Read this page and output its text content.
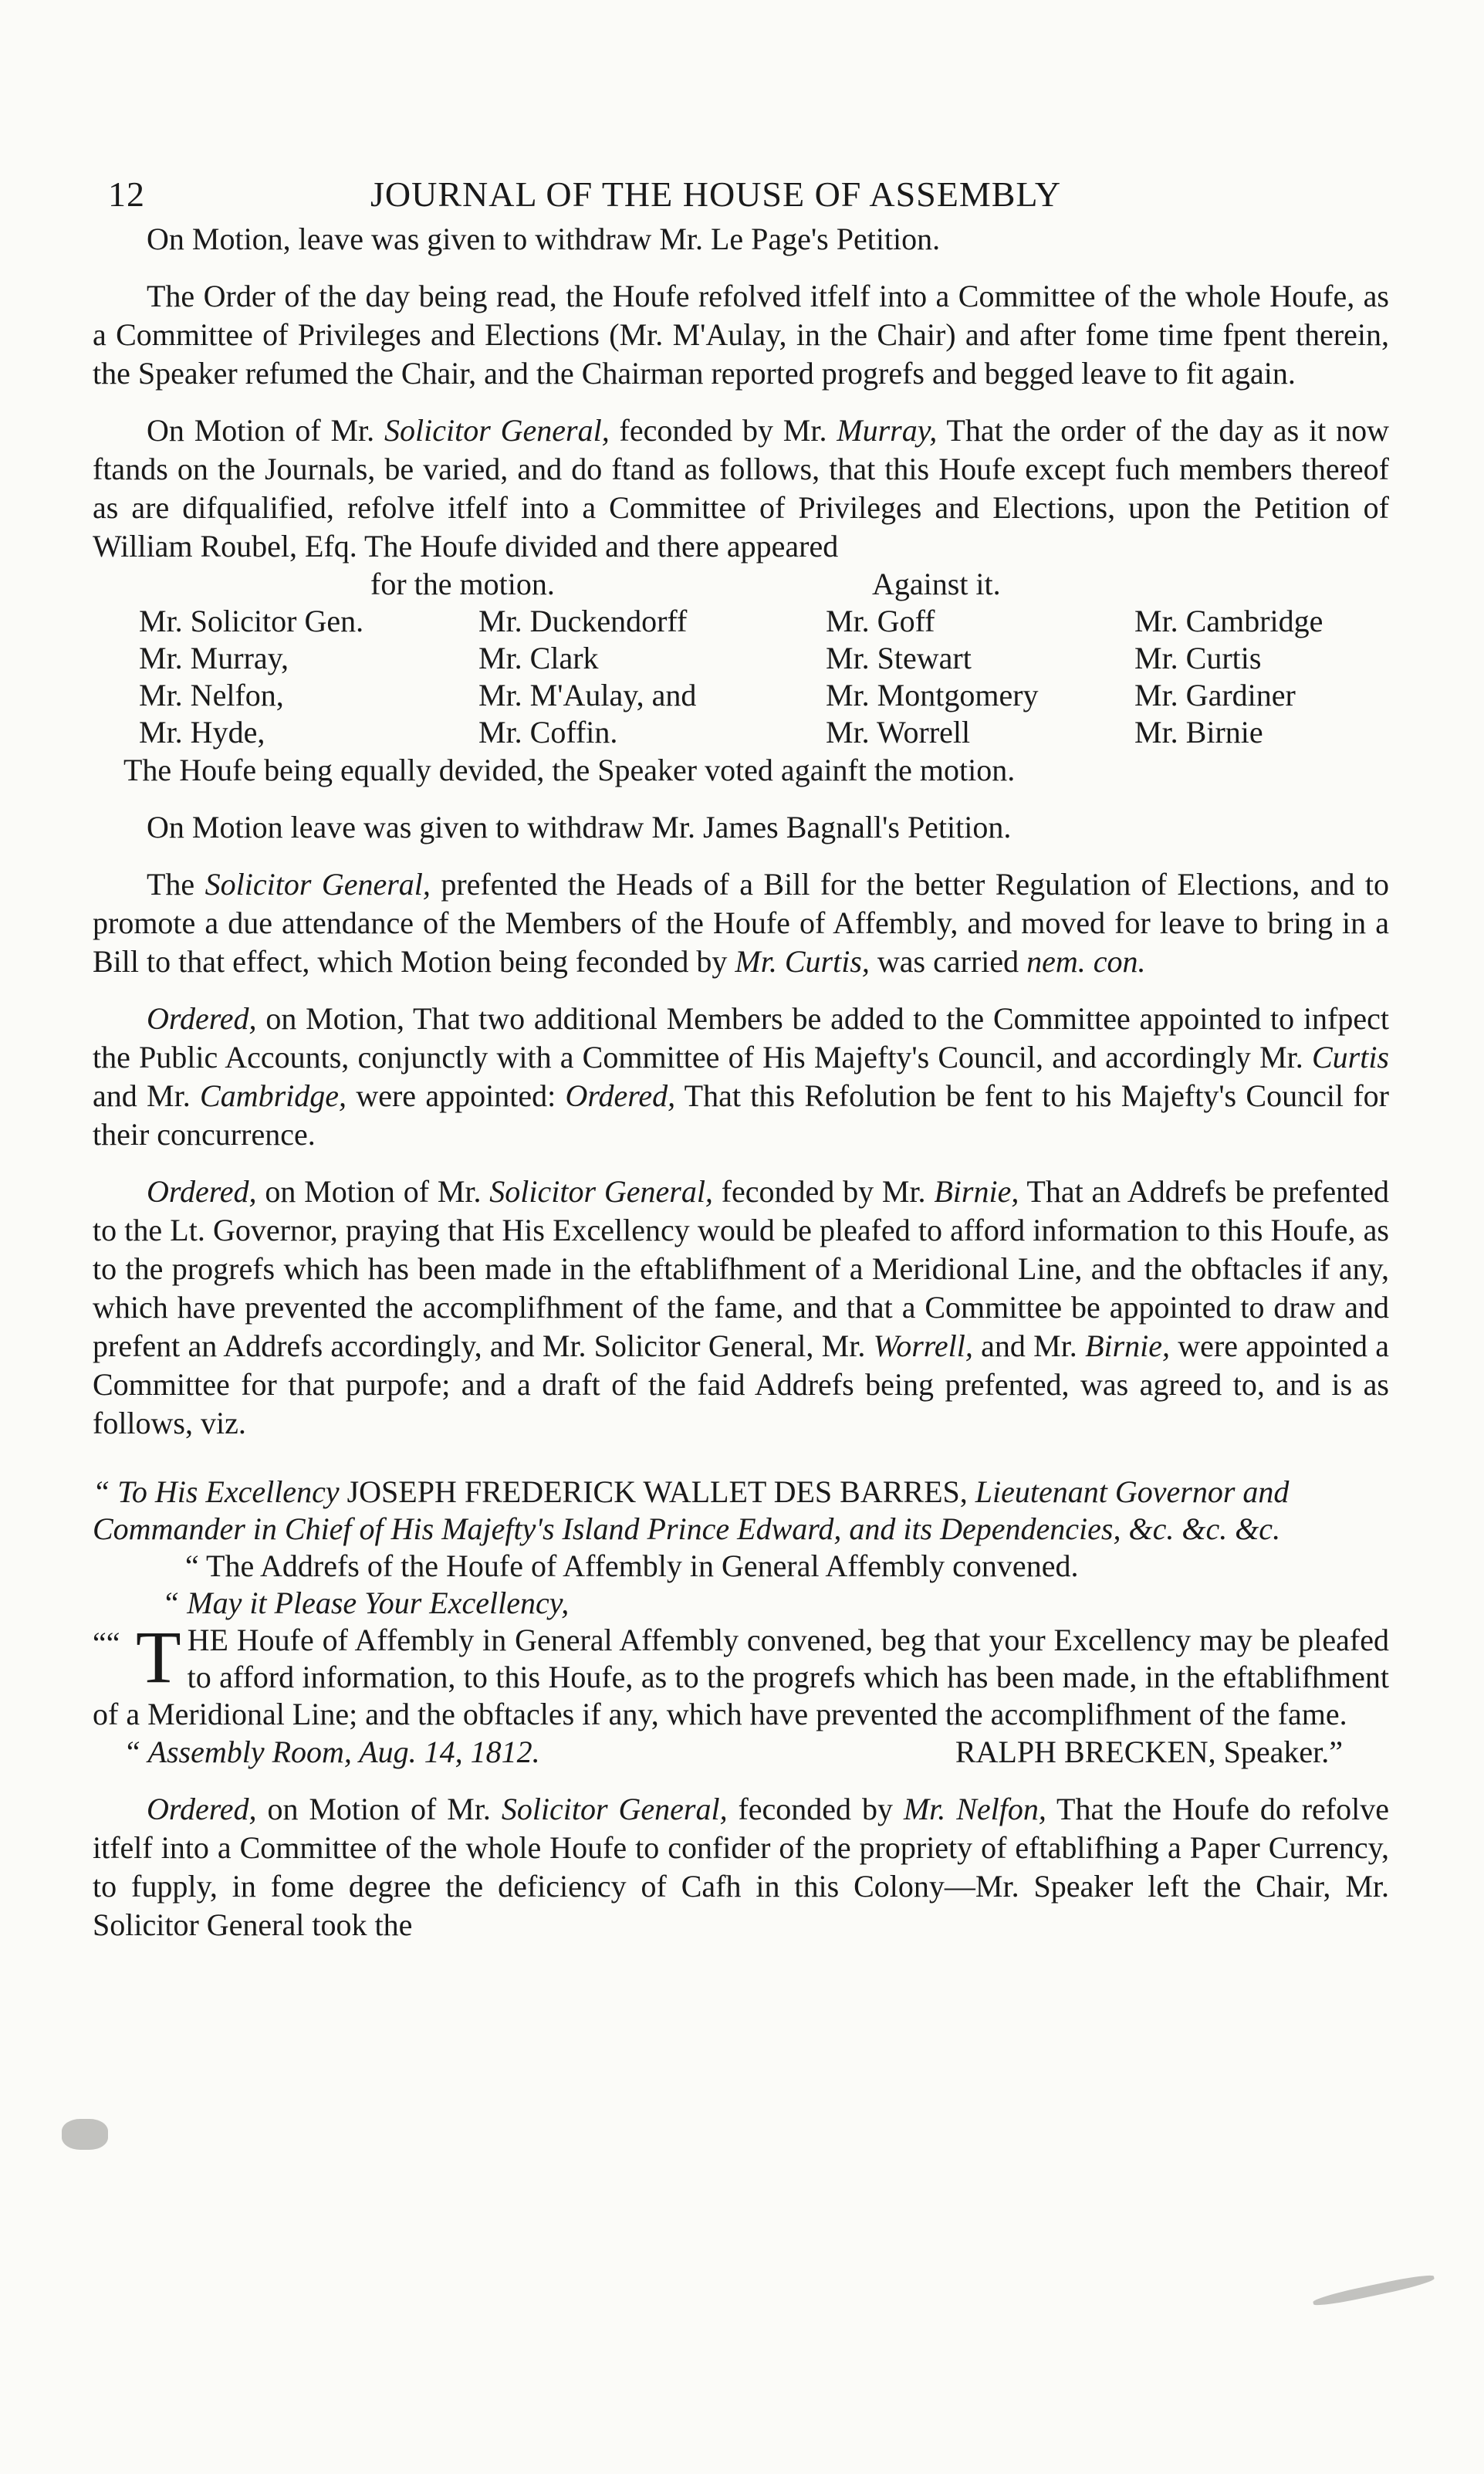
12	JOURNAL OF THE HOUSE OF ASSEMBLY

On Motion, leave was given to withdraw Mr. Le Page's Petition.

The Order of the day being read, the Houfe refolved itfelf into a Committee of the whole Houfe, as a Committee of Privileges and Elections (Mr. M'Aulay, in the Chair) and after fome time fpent therein, the Speaker refumed the Chair, and the Chairman reported progrefs and begged leave to fit again.

On Motion of Mr. Solicitor General, feconded by Mr. Murray, That the order of the day as it now ftands on the Journals, be varied, and do ftand as follows, that this Houfe except fuch members thereof as are difqualified, refolve itfelf into a Committee of Privileges and Elections, upon the Petition of William Roubel, Efq. The Houfe divided and there appeared

for the motion.	Against it.
Mr. Solicitor Gen.	Mr. Duckendorff	Mr. Goff	Mr. Cambridge
Mr. Murray,	Mr. Clark	Mr. Stewart	Mr. Curtis
Mr. Nelfon,	Mr. M'Aulay, and	Mr. Montgomery	Mr. Gardiner
Mr. Hyde,	Mr. Coffin.	Mr. Worrell	Mr. Birnie

The Houfe being equally devided, the Speaker voted againft the motion.

On Motion leave was given to withdraw Mr. James Bagnall's Petition.

The Solicitor General, prefented the Heads of a Bill for the better Regulation of Elections, and to promote a due attendance of the Members of the Houfe of Affembly, and moved for leave to bring in a Bill to that effect, which Motion being feconded by Mr. Curtis, was carried nem. con.

Ordered, on Motion, That two additional Members be added to the Committee appointed to infpect the Public Accounts, conjunctly with a Committee of His Majefty's Council, and accordingly Mr. Curtis and Mr. Cambridge, were appointed: Ordered, That this Refolution be fent to his Majefty's Council for their concurrence.

Ordered, on Motion of Mr. Solicitor General, feconded by Mr. Birnie, That an Addrefs be prefented to the Lt. Governor, praying that His Excellency would be pleafed to afford information to this Houfe, as to the progrefs which has been made in the eftablifhment of a Meridional Line, and the obftacles if any, which have prevented the accomplifhment of the fame, and that a Committee be appointed to draw and prefent an Addrefs accordingly, and Mr. Solicitor General, Mr. Worrell, and Mr. Birnie, were appointed a Committee for that purpofe; and a draft of the faid Addrefs being prefented, was agreed to, and is as follows, viz.

“ To His Excellency JOSEPH FREDERICK WALLET DES BARRES, Lieutenant Governor and Commander in Chief of His Majefty's Island Prince Edward, and its Dependencies, &c. &c. &c.
“ The Addrefs of the Houfe of Affembly in General Affembly convened.
“ May it Please Your Excellency,
““ T HE Houfe of Affembly in General Affembly convened, beg that your Excellency may be pleafed to afford information, to this Houfe, as to the progrefs which has been made, in the eftablifhment of a Meridional Line; and the obftacles if any, which have prevented the accomplifhment of the fame.
“ Assembly Room, Aug. 14, 1812.	RALPH BRECKEN, Speaker.”

Ordered, on Motion of Mr. Solicitor General, feconded by Mr. Nelfon, That the Houfe do refolve itfelf into a Committee of the whole Houfe to confider of the propriety of eftablifhing a Paper Currency, to fupply, in fome degree the deficiency of Cafh in this Colony—Mr. Speaker left the Chair, Mr. Solicitor General took the
